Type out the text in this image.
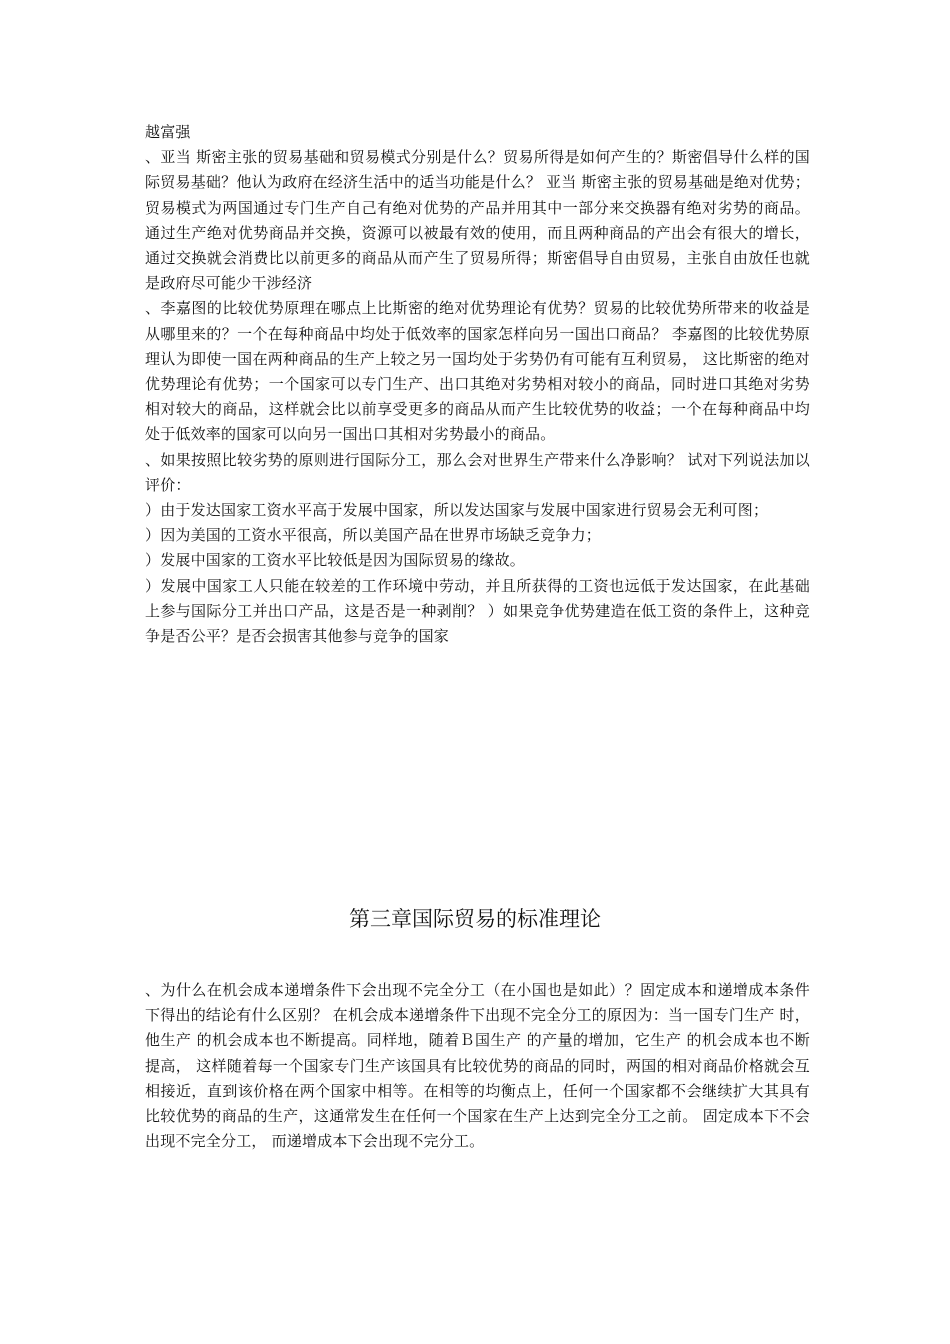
越富强

、亚当 斯密主张的贸易基础和贸易模式分别是什么？贸易所得是如何产生的？斯密倡导什么样的国际贸易基础？他认为政府在经济生活中的适当功能是什么？ 亚当 斯密主张的贸易基础是绝对优势；贸易模式为两国通过专门生产自己有绝对优势的产品并用其中一部分来交换器有绝对劣势的商品。通过生产绝对优势商品并交换，资源可以被最有效的使用，而且两种商品的产出会有很大的增长，通过交换就会消费比以前更多的商品从而产生了贸易所得；斯密倡导自由贸易，主张自由放任也就是政府尽可能少干涉经济

、李嘉图的比较优势原理在哪点上比斯密的绝对优势理论有优势？贸易的比较优势所带来的收益是从哪里来的？一个在每种商品中均处于低效率的国家怎样向另一国出口商品？ 李嘉图的比较优势原理认为即使一国在两种商品的生产上较之另一国均处于劣势仍有可能有互利贸易， 这比斯密的绝对优势理论有优势；一个国家可以专门生产、出口其绝对劣势相对较小的商品，同时进口其绝对劣势相对较大的商品，这样就会比以前享受更多的商品从而产生比较优势的收益；一个在每种商品中均处于低效率的国家可以向另一国出口其相对劣势最小的商品。

、如果按照比较劣势的原则进行国际分工，那么会对世界生产带来什么净影响？ 试对下列说法加以评价：

）由于发达国家工资水平高于发展中国家，所以发达国家与发展中国家进行贸易会无利可图；

）因为美国的工资水平很高，所以美国产品在世界市场缺乏竞争力；

）发展中国家的工资水平比较低是因为国际贸易的缘故。

）发展中国家工人只能在较差的工作环境中劳动，并且所获得的工资也远低于发达国家，在此基础上参与国际分工并出口产品，这是否是一种剥削？ ）如果竞争优势建造在低工资的条件上，这种竞争是否公平？是否会损害其他参与竞争的国家

第三章国际贸易的标准理论

、为什么在机会成本递增条件下会出现不完全分工（在小国也是如此）？固定成本和递增成本条件下得出的结论有什么区别？ 在机会成本递增条件下出现不完全分工的原因为：当一国专门生产 时，他生产 的机会成本也不断提高。同样地，随着Ｂ国生产 的产量的增加，它生产 的机会成本也不断提高， 这样随着每一个国家专门生产该国具有比较优势的商品的同时，两国的相对商品价格就会互相接近，直到该价格在两个国家中相等。在相等的均衡点上，任何一个国家都不会继续扩大其具有比较优势的商品的生产，这通常发生在任何一个国家在生产上达到完全分工之前。 固定成本下不会出现不完全分工， 而递增成本下会出现不完分工。
